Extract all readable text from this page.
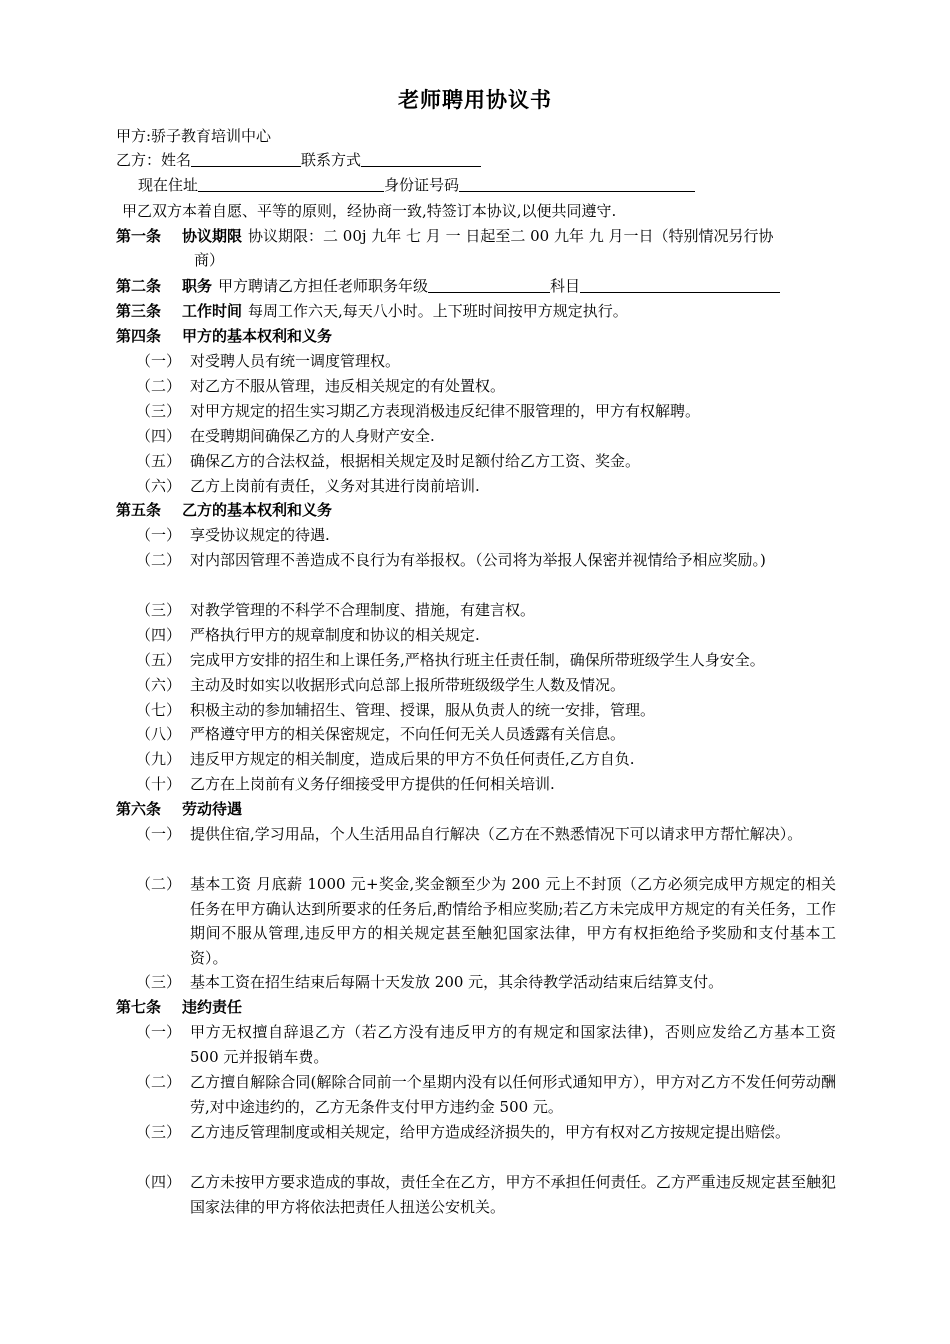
老师聘用协议书
甲方:骄子教育培训中心
乙方：姓名	联系方式
现在住址	身份证号码
甲乙双方本着自愿、平等的原则，经协商一致,特签订本协议,以便共同遵守.
第一条 协议期限 协议期限：二 00j 九年 七 月 一 日起至二 00 九年 九 月一日（特别情况另行协
商）
第二条 职务 甲方聘请乙方担任老师职务年级	科目
第三条 工作时间 每周工作六天,每天八小时。上下班时间按甲方规定执行。
第四条 甲方的基本权利和义务
（一） 对受聘人员有统一调度管理权。
（二） 对乙方不服从管理，违反相关规定的有处置权。
（三） 对甲方规定的招生实习期乙方表现消极违反纪律不服管理的，甲方有权解聘。
（四） 在受聘期间确保乙方的人身财产安全.
（五） 确保乙方的合法权益，根据相关规定及时足额付给乙方工资、奖金。
（六） 乙方上岗前有责任，义务对其进行岗前培训.
第五条 乙方的基本权利和义务
（一） 享受协议规定的待遇.
（二） 对内部因管理不善造成不良行为有举报权。（公司将为举报人保密并视情给予相应奖励。)
（三） 对教学管理的不科学不合理制度、措施，有建言权。
（四） 严格执行甲方的规章制度和协议的相关规定.
（五） 完成甲方安排的招生和上课任务,严格执行班主任责任制，确保所带班级学生人身安全。
（六） 主动及时如实以收据形式向总部上报所带班级级学生人数及情况。
（七） 积极主动的参加辅招生、管理、授课，服从负责人的统一安排，管理。
（八） 严格遵守甲方的相关保密规定，不向任何无关人员透露有关信息。
（九） 违反甲方规定的相关制度，造成后果的甲方不负任何责任,乙方自负.
（十） 乙方在上岗前有义务仔细接受甲方提供的任何相关培训.
第六条 劳动待遇
（一） 提供住宿,学习用品，个人生活用品自行解决（乙方在不熟悉情况下可以请求甲方帮忙解决）。
（二） 基本工资 月底薪 1000 元+奖金,奖金额至少为 200 元上不封顶（乙方必须完成甲方规定的相关任务在甲方确认达到所要求的任务后,酌情给予相应奖励;若乙方未完成甲方规定的有关任务，工作期间不服从管理,违反甲方的相关规定甚至触犯国家法律，甲方有权拒绝给予奖励和支付基本工资）。
（三） 基本工资在招生结束后每隔十天发放 200 元，其余待教学活动结束后结算支付。
第七条 违约责任
（一） 甲方无权擅自辞退乙方（若乙方没有违反甲方的有规定和国家法律)，否则应发给乙方基本工资 500 元并报销车费。
（二） 乙方擅自解除合同(解除合同前一个星期内没有以任何形式通知甲方），甲方对乙方不发任何劳动酬劳,对中途违约的，乙方无条件支付甲方违约金 500 元。
（三） 乙方违反管理制度或相关规定，给甲方造成经济损失的，甲方有权对乙方按规定提出赔偿。
（四） 乙方未按甲方要求造成的事故，责任全在乙方，甲方不承担任何责任。乙方严重违反规定甚至触犯国家法律的甲方将依法把责任人扭送公安机关。
